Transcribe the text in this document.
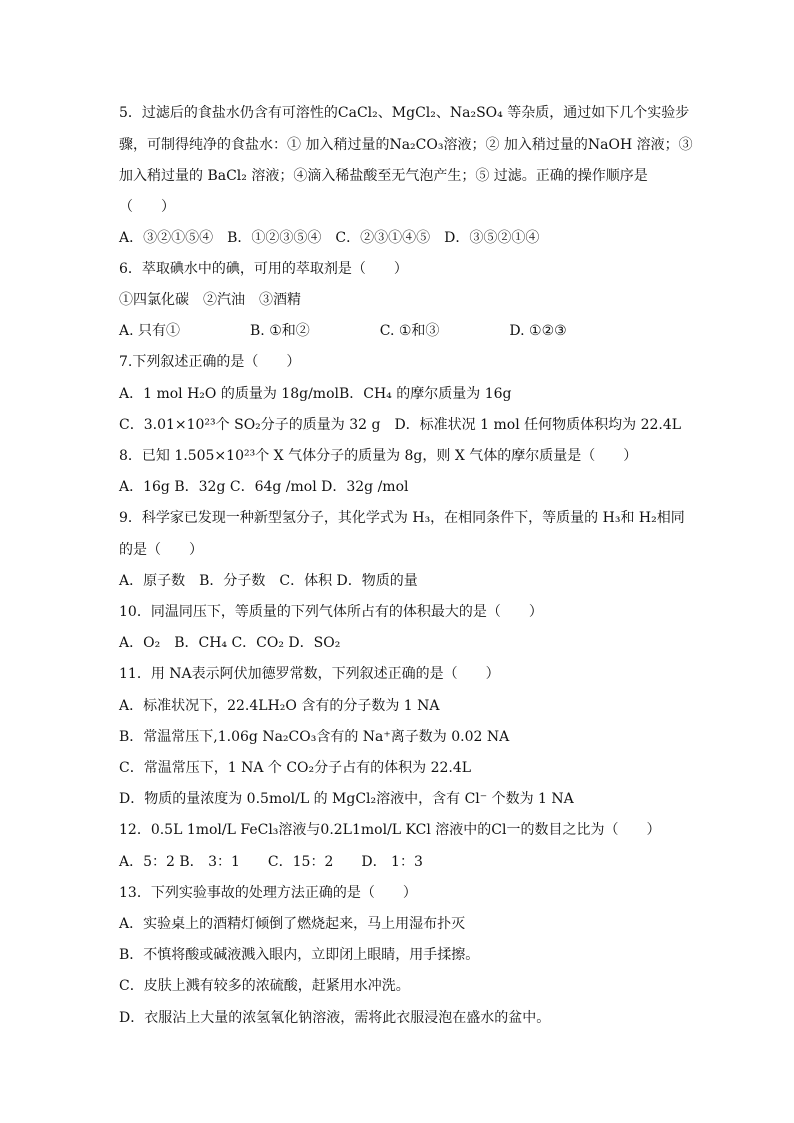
5．过滤后的食盐水仍含有可溶性的CaCl₂、MgCl₂、Na₂SO₄ 等杂质，通过如下几个实验步
骤，可制得纯净的食盐水：① 加入稍过量的Na₂CO₃溶液；② 加入稍过量的NaOH 溶液；③
加入稍过量的 BaCl₂ 溶液；④滴入稀盐酸至无气泡产生；⑤ 过滤。正确的操作顺序是
（　　）
A．③②①⑤④　B．①②③⑤④　C．②③①④⑤　D．③⑤②①④
6．萃取碘水中的碘，可用的萃取剂是（　　）
①四氯化碳　②汽油　③酒精
A. 只有①　　　　　B. ①和②　　　　　C. ①和③　　　　　D. ①②③
7.下列叙述正确的是（　　）
A．1 mol H₂O 的质量为 18g/molB．CH₄ 的摩尔质量为 16g
C．3.01×10²³个 SO₂分子的质量为 32 g　D．标准状况 1 mol 任何物质体积均为 22.4L
8．已知 1.505×10²³个 X 气体分子的质量为 8g，则 X 气体的摩尔质量是（　　）
A．16g B．32g C．64g /mol D．32g /mol
9．科学家已发现一种新型氢分子，其化学式为 H₃，在相同条件下，等质量的 H₃和 H₂相同
的是（　　）
A．原子数　B．分子数　C．体积 D．物质的量
10．同温同压下，等质量的下列气体所占有的体积最大的是（　　）
A．O₂　B．CH₄ C．CO₂ D．SO₂
11．用 NA表示阿伏加德罗常数，下列叙述正确的是（　　）
A．标准状况下，22.4LH₂O 含有的分子数为 1 NA
B．常温常压下,1.06g Na₂CO₃含有的 Na⁺离子数为 0.02 NA
C．常温常压下，1 NA 个 CO₂分子占有的体积为 22.4L
D．物质的量浓度为 0.5mol/L 的 MgCl₂溶液中，含有 Cl⁻ 个数为 1 NA
12．0.5L 1mol/L FeCl₃溶液与0.2L1mol/L KCl 溶液中的Cl一的数目之比为（　　）
A．5：2 B． 3：1　　C．15：2　　D． 1：3
13．下列实验事故的处理方法正确的是（　　）
A．实验桌上的酒精灯倾倒了燃烧起来，马上用湿布扑灭
B．不慎将酸或碱液溅入眼内，立即闭上眼睛，用手揉擦。
C．皮肤上溅有较多的浓硫酸，赶紧用水冲洗。
D．衣服沾上大量的浓氢氧化钠溶液，需将此衣服浸泡在盛水的盆中。
